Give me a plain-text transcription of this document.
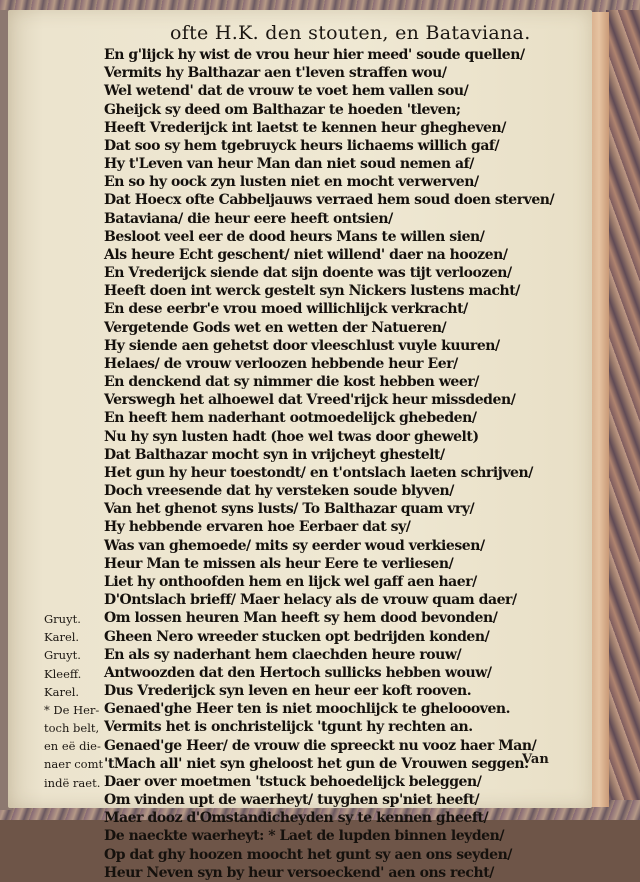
ofte H.K. den stouten, en Bataviana.
En g'lijck hy wist de vrou heur hier meed' soude quellen/
Vermits hy Balthazar aen t'leven straffen wou/
Wel wetend' dat de vrouw te voet hem vallen sou/
Gheijck sy deed om Balthazar te hoeden 'tleven;
Heeft Vrederijck int laetst te kennen heur ghegheven/
Dat soo sy hem tgebruyck heurs lichaems willich gaf/
Hy t'Leven van heur Man dan niet soud nemen af/
En so hy oock zyn lusten niet en mocht verwerven/
Dat Hoecx ofte Cabbeljauws verraed hem soud doen sterven/
Bataviana/ die heur eere heeft ontsien/
Besloot veel eer de dood heurs Mans te willen sien/
Als heure Echt geschent/ niet willend' daer na hoozen/
En Vrederijck siende dat sijn doente was tijt verloozen/
Heeft doen int werck gestelt syn Nickers lustens macht/
En dese eerbr'e vrou moed willichlijck verkracht/
Vergetende Gods wet en wetten der Natueren/
Hy siende aen gehetst door vleeschlust vuyle kuuren/
Helaes/ de vrouw verloozen hebbende heur Eer/
En denckend dat sy nimmer die kost hebben weer/
Verswegh het alhoewel dat Vreed'rijck heur missdeden/
En heeft hem naderhant ootmoedelijck ghebeden/
Nu hy syn lusten hadt (hoe wel twas door ghewelt)
Dat Balthazar mocht syn in vrijcheyt ghestelt/
Het gun hy heur toestondt/ en t'ontslach laeten schrijven/
Doch vreesende dat hy versteken soude blyven/
Van het ghenot syns lusts/ To Balthazar quam vry/
Hy hebbende ervaren hoe Eerbaer dat sy/
Was van ghemoede/ mits sy eerder woud verkiesen/
Heur Man te missen als heur Eere te verliesen/
Liet hy onthoofden hem en lijck wel gaff aen haer/
D'Ontslach brieff/ Maer helacy als de vrouw quam daer/
Om lossen heuren Man heeft sy hem dood bevonden/
Gheen Nero wreeder stucken opt bedrijden konden/
En als sy naderhant hem claechden heure rouw/
Antwoozden dat den Hertoch sullicks hebben wouw/
Dus Vrederijck syn leven en heur eer koft rooven.
Genaed'ghe Heer ten is niet moochlijck te gheloooven.
Vermits het is onchristelijck 'tgunt hy rechten an.
Genaed'ge Heer/ de vrouw die spreeckt nu vooz haer Man/
'tMach all' niet syn gheloost het gun de Vrouwen seggen.
Daer over moetmen 'tstuck behoedelijck beleggen/
Om vinden upt de waerheyt/ tuyghen sp'niet heeft/
Maer dooz d'Omstandicheyden sy te kennen gheeft/
De naeckte waerheyt: * Laet de lupden binnen leyden/
Op dat ghy hoozen moocht het gunt sy aen ons seyden/
Heur Neven syn by heur versoeckend' aen ons recht/
Gruyt.
Karel.
Gruyt.
Kleeff.
Karel.
* De Her-
toch belt,
en eë die-
naer comt
indë raet.
Van
